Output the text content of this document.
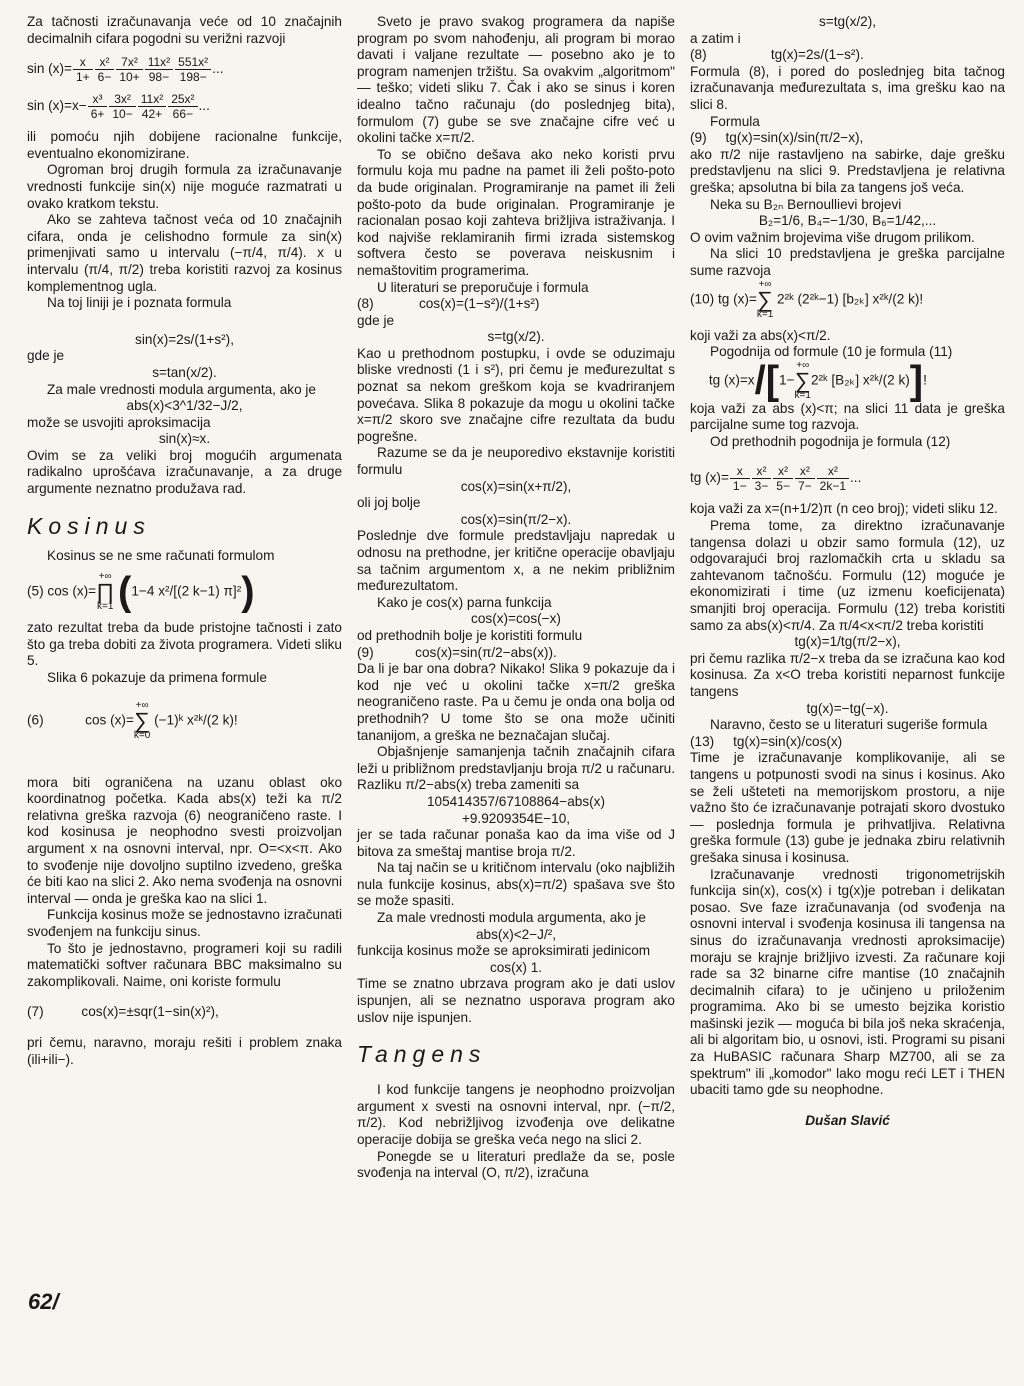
Za tačnosti izračunavanja veće od 10 značajnih decimalnih cifara pogodni su verižni razvoji

$\sin (x)= \frac{x}{1+} \frac{\text{x²}}{6-} \frac{\text{7x²}}{10+} \frac{\text{11x²}}{98-} \frac{\text{551x²}}{198-}$ ...

$\sin (x)=x- \frac{\text{x³}}{6+} \frac{\text{3x²}}{10-} \frac{\text{11x²}}{42+} \frac{\text{25x²}}{66-}$ ...

ili pomoću njih dobijene racionalne funkcije, eventualno ekonomizirane.

Ogroman broj drugih formula za izračunavanje vrednosti funkcije sin(x) nije moguće razmatrati u ovako kratkom tekstu.

Ako se zahteva tačnost veća od 10 značajnih cifara, onda je celishodno formule za sin(x) primenjivati samo u intervalu (−π/4, π/4). x u intervalu (π/4, π/2) treba koristiti razvoj za kosinus komplementnog ugla.

Na toj liniji je i poznata formula

sin(x)=2s/(1+s²),

gde je

s=tan(x/2).

Za male vrednosti modula argumenta, ako je

abs(x)<3^1/32−J/2,

može se usvojiti aproksimacija

sin(x)≈x.

Ovim se za veliki broj mogućih argumenata radikalno uprošćava izračunavanje, a za druge argumente neznatno produžava rad.

Kosinus

Kosinus se ne sme računati formulom

(5) cos (x)=
+∞
∏
k=1 (1−4 x²/[(2 k−1) π]²)

zato rezultat treba da bude pristojne tačnosti i zato što ga treba dobiti za života programera. Videti sliku 5.

Slika 6 pokazuje da primena formule

(6)	cos (x)=
+∞
∑
k=0
(−1)ᵏ x²ᵏ/(2 k)!

mora biti ograničena na uzanu oblast oko koordinatnog početka. Kada abs(x) teži ka π/2 relativna greška razvoja (6) neograničeno raste. I kod kosinusa je neophodno svesti proizvoljan argument x na osnovni interval, npr. O=<x<π. Ako to svođenje nije dovoljno suptilno izvedeno, greška će biti kao na slici 2. Ako nema svođenja na osnovni interval — onda je greška kao na slici 1.

Funkcija kosinus može se jednostavno izračunati svođenjem na funkciju sinus.

To što je jednostavno, programeri koji su radili matematički softver računara BBC maksimalno su zakomplikovali. Naime, oni koriste formulu

(7)	cos(x)=±sqr(1−sin(x)²),

pri čemu, naravno, moraju rešiti i problem znaka (ili+ili−).

Sveto je pravo svakog programera da napiše program po svom nahođenju, ali program bi morao davati i valjane rezultate — posebno ako je to program namenjen tržištu. Sa ovakvim „algoritmom" — teško; videti sliku 7. Čak i ako se sinus i koren idealno tačno računaju (do poslednjeg bita), formulom (7) gube se sve značajne cifre već u okolini tačke x=π/2.

To se obično dešava ako neko koristi prvu formulu koja mu padne na pamet ili želi pošto-poto da bude originalan. Programiranje na pamet ili želi pošto-poto da bude originalan. Programiranje je racionalan posao koji zahteva brižljiva istraživanja. I kod najviše reklamiranih firmi izrada sistemskog softvera često se poverava neiskusnim i nemaštovitim programerima.

U literaturi se preporučuje i formula

(8)	cos(x)=(1−s²)/(1+s²)

gde je

s=tg(x/2).

Kao u prethodnom postupku, i ovde se oduzimaju bliske vrednosti (1 i s²), pri čemu je međurezultat s poznat sa nekom greškom koja se kvadriranjem povećava. Slika 8 pokazuje da mogu u okolini tačke x=π/2 skoro sve značajne cifre rezultata da budu pogrešne.

Razume se da je neuporedivo ekstavnije koristiti formulu

cos(x)=sin(x+π/2),

oli joj bolje

cos(x)=sin(π/2−x).

Poslednje dve formule predstavljaju napredak u odnosu na prethodne, jer kritične operacije obavljaju sa tačnim argumentom x, a ne nekim približnim međurezultatom.

Kako je cos(x) parna funkcija

cos(x)=cos(−x)

od prethodnih bolje je koristiti formulu

(9)	cos(x)=sin(π/2−abs(x)).

Da li je bar ona dobra? Nikako! Slika 9 pokazuje da i kod nje već u okolini tačke x=π/2 greška neograničeno raste. Pa u čemu je onda ona bolja od prethodnih? U tome što se ona može učiniti tananijom, a greška ne beznačajan slučaj.

Objašnjenje samanjenja tačnih značajnih cifara leži u približnom predstavljanju broja π/2 u računaru. Razliku π/2−abs(x) treba zameniti sa

105414357/67108864−abs(x)

+9.9209354E−10,

jer se tada računar ponaša kao da ima više od J bitova za smeštaj mantise broja π/2.

Na taj način se u kritičnom intervalu (oko najbližih nula funkcije kosinus, abs(x)=π/2) spašava sve što se može spasiti.

Za male vrednosti modula argumenta, ako je

abs(x)<2−J/²,

funkcija kosinus može se aproksimirati jedinicom

cos(x) 1.

Time se znatno ubrzava program ako je dati uslov ispunjen, ali se neznatno usporava program ako uslov nije ispunjen.

Tangens

I kod funkcije tangens je neophodno proizvoljan argument x svesti na osnovni interval, npr. (−π/2, π/2). Kod nebrižljivog izvođenja ove delikatne operacije dobija se greška veća nego na slici 2.

Ponegde se u literaturi predlaže da se, posle svođenja na interval (O, π/2), izračuna

s=tg(x/2),

a zatim i

(8)	tg(x)=2s/(1−s²).

Formula (8), i pored do poslednjeg bita tačnog izračunavanja međurezultata s, ima grešku kao na slici 8.

Formula

(9) tg(x)=sin(x)/sin(π/2−x),

ako π/2 nije rastavljeno na sabirke, daje grešku predstavljenu na slici 9. Predstavljena je relativna greška; apsolutna bi bila za tangens još veća.

Neka su B₂ₙ Bernoullievi brojevi

B₂=1/6, B₄=−1/30, B₆=1/42,...

O ovim važnim brojevima više drugom prilikom.

Na slici 10 predstavljena je greška parcijalne sume razvoja

(10) tg (x)=
+∞
∑
k=1
2²ᵏ (2²ᵏ−1) [b₂ₖ] x²ᵏ/(2 k)!

koji važi za abs(x)<π/2.

Pogodnija od formule (10 je formula (11)

tg (x)=x/[1−
+∞
∑
k=1
2²ᵏ [B₂ₖ] x²ᵏ/(2 k)]!

koja važi za abs (x)<π; na slici 11 data je greška parcijalne sume tog razvoja.

Od prethodnih pogodnija je formula (12)

tg $(x)= \frac{x}{1-} \frac{\text{x²}}{3-} \frac{\text{x²}}{5-} \frac{\text{x²}}{7-} \frac{\text{x²}}{2k-1}$ ...

koja važi za x=(n+1/2)π (n ceo broj); videti sliku 12.

Prema tome, za direktno izračunavanje tangensa dolazi u obzir samo formula (12), uz odgovarajući broj razlomačkih crta u skladu sa zahtevanom tačnošću. Formulu (12) moguće je ekonomizirati i time (uz izmenu koeficijenata) smanjiti broj operacija. Formulu (12) treba koristiti samo za abs(x)<π/4. Za π/4<x<π/2 treba koristiti

tg(x)=1/tg(π/2−x),

pri čemu razlika π/2−x treba da se izračuna kao kod kosinusa. Za x<O treba koristiti neparnost funkcije tangens

tg(x)=−tg(−x).

Naravno, često se u literaturi sugeriše formula

(13) tg(x)=sin(x)/cos(x)

Time je izračunavanje komplikovanije, ali se tangens u potpunosti svodi na sinus i kosinus. Ako se želi ušteteti na memorijskom prostoru, a nije važno što će izračunavanje potrajati skoro dvostuko — poslednja formula je prihvatljiva. Relativna greška formule (13) gube je jednaka zbiru relativnih grešaka sinusa i kosinusa.

Izračunavanje vrednosti trigonometrijskih funkcija sin(x), cos(x) i tg(x)je potreban i delikatan posao. Sve faze izračunavanja (od svođenja na osnovni interval i svođenja kosinusa ili tangensa na sinus do izračunavanja vrednosti aproksimacije) moraju se krajnje brižljivo izvesti. Za računare koji rade sa 32 binarne cifre mantise (10 značajnih decimalnih cifara) to je učinjeno u priloženim programima. Ako bi se umesto bejzika koristio mašinski jezik — moguća bi bila još neka skraćenja, ali bi algoritam bio, u osnovi, isti. Programi su pisani za HuBASIC računara Sharp MZ700, ali se za spektrum" ili „komodor" lako mogu reći LET i THEN ubaciti tamo gde su neophodne.

Dušan Slavić

62/
